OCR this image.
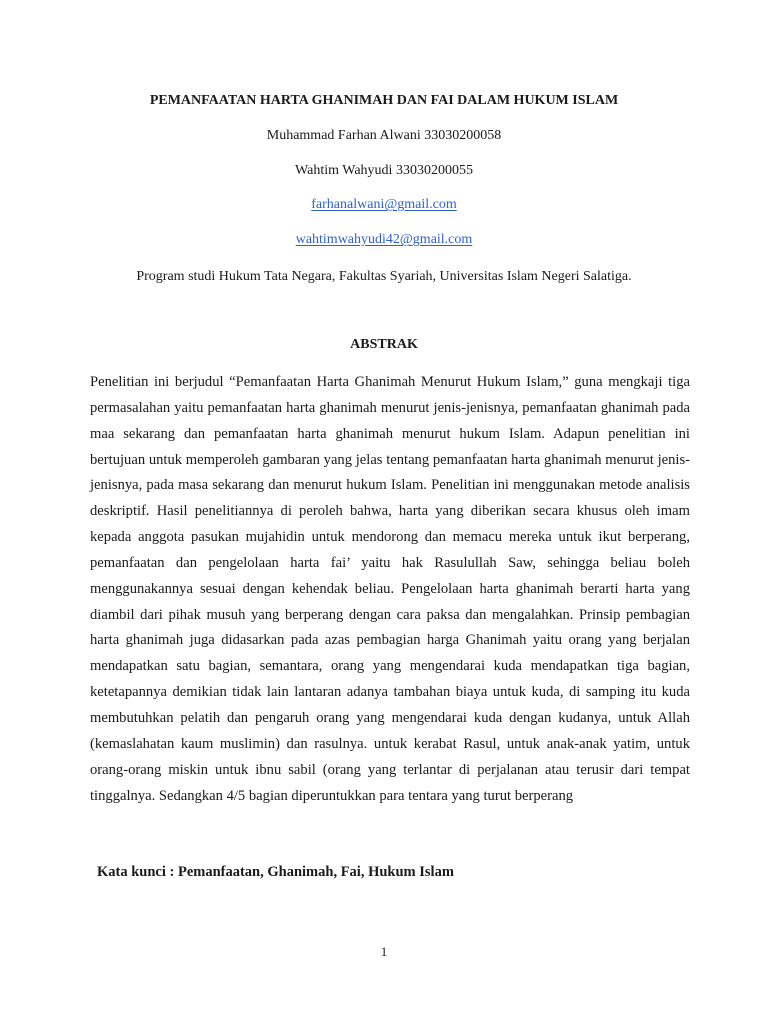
PEMANFAATAN HARTA GHANIMAH DAN FAI DALAM HUKUM ISLAM
Muhammad Farhan Alwani 33030200058
Wahtim Wahyudi 33030200055
farhanalwani@gmail.com
wahtimwahyudi42@gmail.com
Program studi Hukum Tata Negara, Fakultas Syariah, Universitas Islam Negeri Salatiga.
ABSTRAK

Penelitian ini berjudul “Pemanfaatan Harta Ghanimah Menurut Hukum Islam,” guna mengkaji tiga permasalahan yaitu pemanfaatan harta ghanimah menurut jenis-jenisnya, pemanfaatan ghanimah pada maa sekarang dan pemanfaatan harta ghanimah menurut hukum Islam. Adapun penelitian ini bertujuan untuk memperoleh gambaran yang jelas tentang pemanfaatan harta ghanimah menurut jenis-jenisnya, pada masa sekarang dan menurut hukum Islam. Penelitian ini menggunakan metode analisis deskriptif. Hasil penelitiannya di peroleh bahwa, harta yang diberikan secara khusus oleh imam kepada anggota pasukan mujahidin untuk mendorong dan memacu mereka untuk ikut berperang, pemanfaatan dan pengelolaan harta fai’ yaitu hak Rasulullah Saw, sehingga beliau boleh menggunakannya sesuai dengan kehendak beliau. Pengelolaan harta ghanimah berarti harta yang diambil dari pihak musuh yang berperang dengan cara paksa dan mengalahkan. Prinsip pembagian harta ghanimah juga didasarkan pada azas pembagian harga Ghanimah yaitu orang yang berjalan mendapatkan satu bagian, semantara, orang yang mengendarai kuda mendapatkan tiga bagian, ketetapannya demikian tidak lain lantaran adanya tambahan biaya untuk kuda, di samping itu kuda membutuhkan pelatih dan pengaruh orang yang mengendarai kuda dengan kudanya, untuk Allah (kemaslahatan kaum muslimin) dan rasulnya. untuk kerabat Rasul, untuk anak-anak yatim, untuk orang-orang miskin untuk ibnu sabil (orang yang terlantar di perjalanan atau terusir dari tempat tinggalnya. Sedangkan 4/5 bagian diperuntukkan para tentara yang turut berperang

Kata kunci : Pemanfaatan, Ghanimah, Fai, Hukum Islam
1
